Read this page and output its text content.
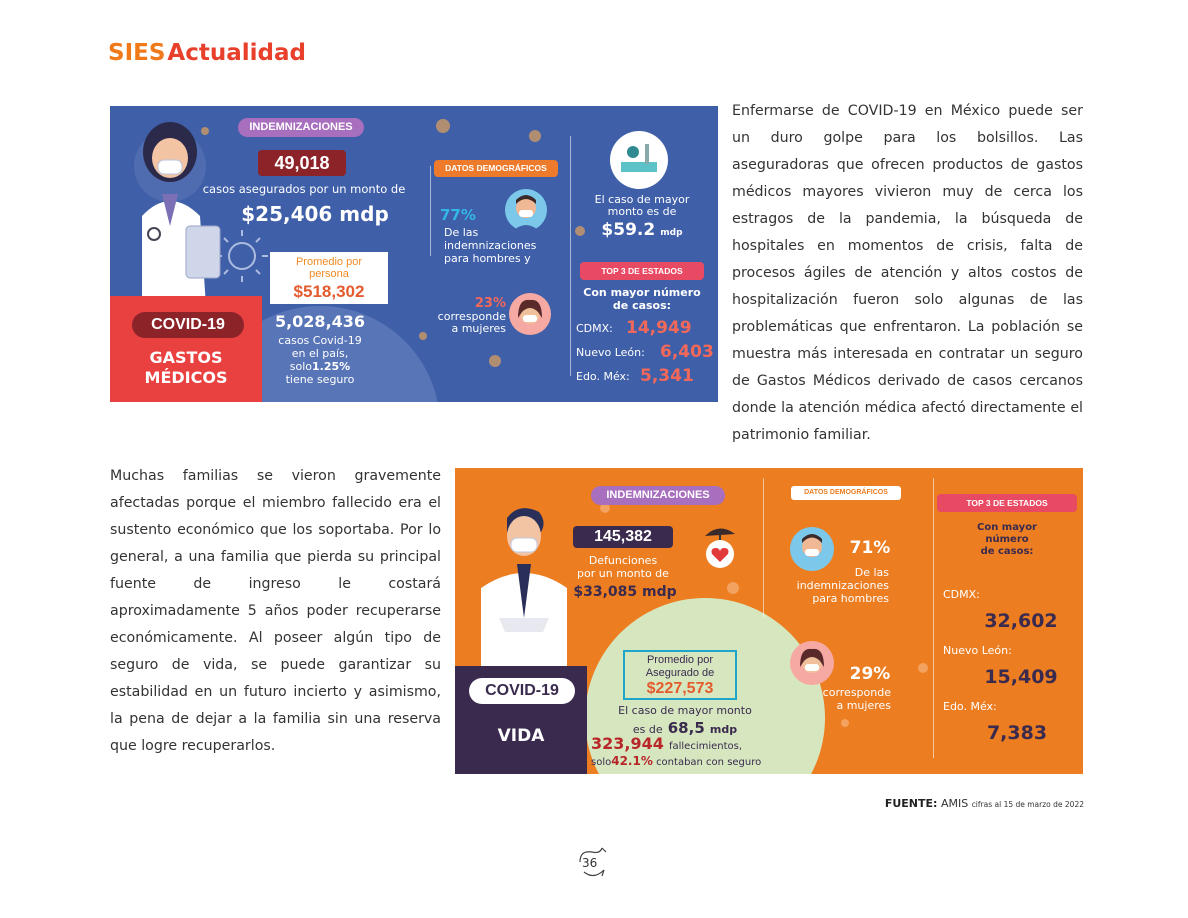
SIESActualidad

Enfermarse de COVID-19 en México puede ser un duro golpe para los bolsillos. Las aseguradoras que ofrecen productos de gastos médicos mayores vivieron muy de cerca los estragos de la pandemia, la búsqueda de hospitales en momentos de crisis, falta de procesos ágiles de atención y altos costos de hospitalización fueron solo algunas de las problemáticas que enfrentaron. La población se muestra más interesada en contratar un seguro de Gastos Médicos derivado de casos cercanos donde la atención médica afectó directamente el patrimonio familiar.

Muchas familias se vieron gravemente afectadas porque el miembro fallecido era el sustento económico que los soportaba. Por lo general, a una familia que pierda su principal fuente de ingreso le costará aproximadamente 5 años poder recuperarse económicamente. Al poseer algún tipo de seguro de vida, se puede garantizar su estabilidad en un futuro incierto y asimismo, la pena de dejar a la familia sin una reserva que logre recuperarlos.

INDEMNIZACIONES
49,018
casos asegurados por un monto de
$25,406 mdp
Promedio por persona
$518,302
COVID-19
GASTOS
MÉDICOS
5,028,436
casos Covid-19
en el país,
solo1.25%
tiene seguro
DATOS DEMOGRÁFICOS
77%
De las
indemnizaciones
para hombres y
23%
corresponde
a mujeres
El caso de mayor
monto es de
$59.2 mdp
TOP 3 DE ESTADOS
Con mayor número
de casos:
CDMX: 14,949
Nuevo León: 6,403
Edo. Méx: 5,341
INDEMNIZACIONES
145,382
Defunciones
por un monto de
$33,085 mdp
Promedio por
Asegurado de
$227,573
El caso de mayor monto
es de 68,5 mdp
323,944 fallecimientos,
solo42.1% contaban con seguro
COVID-19
VIDA
DATOS DEMOGRÁFICOS
71%
De las
indemnizaciones
para hombres
29%
corresponde
a mujeres
TOP 3 DE ESTADOS
Con mayor
número
de casos:
CDMX:
32,602
Nuevo León:
15,409
Edo. Méx:
7,383
FUENTE: AMIS cifras al 15 de marzo de 2022
36
